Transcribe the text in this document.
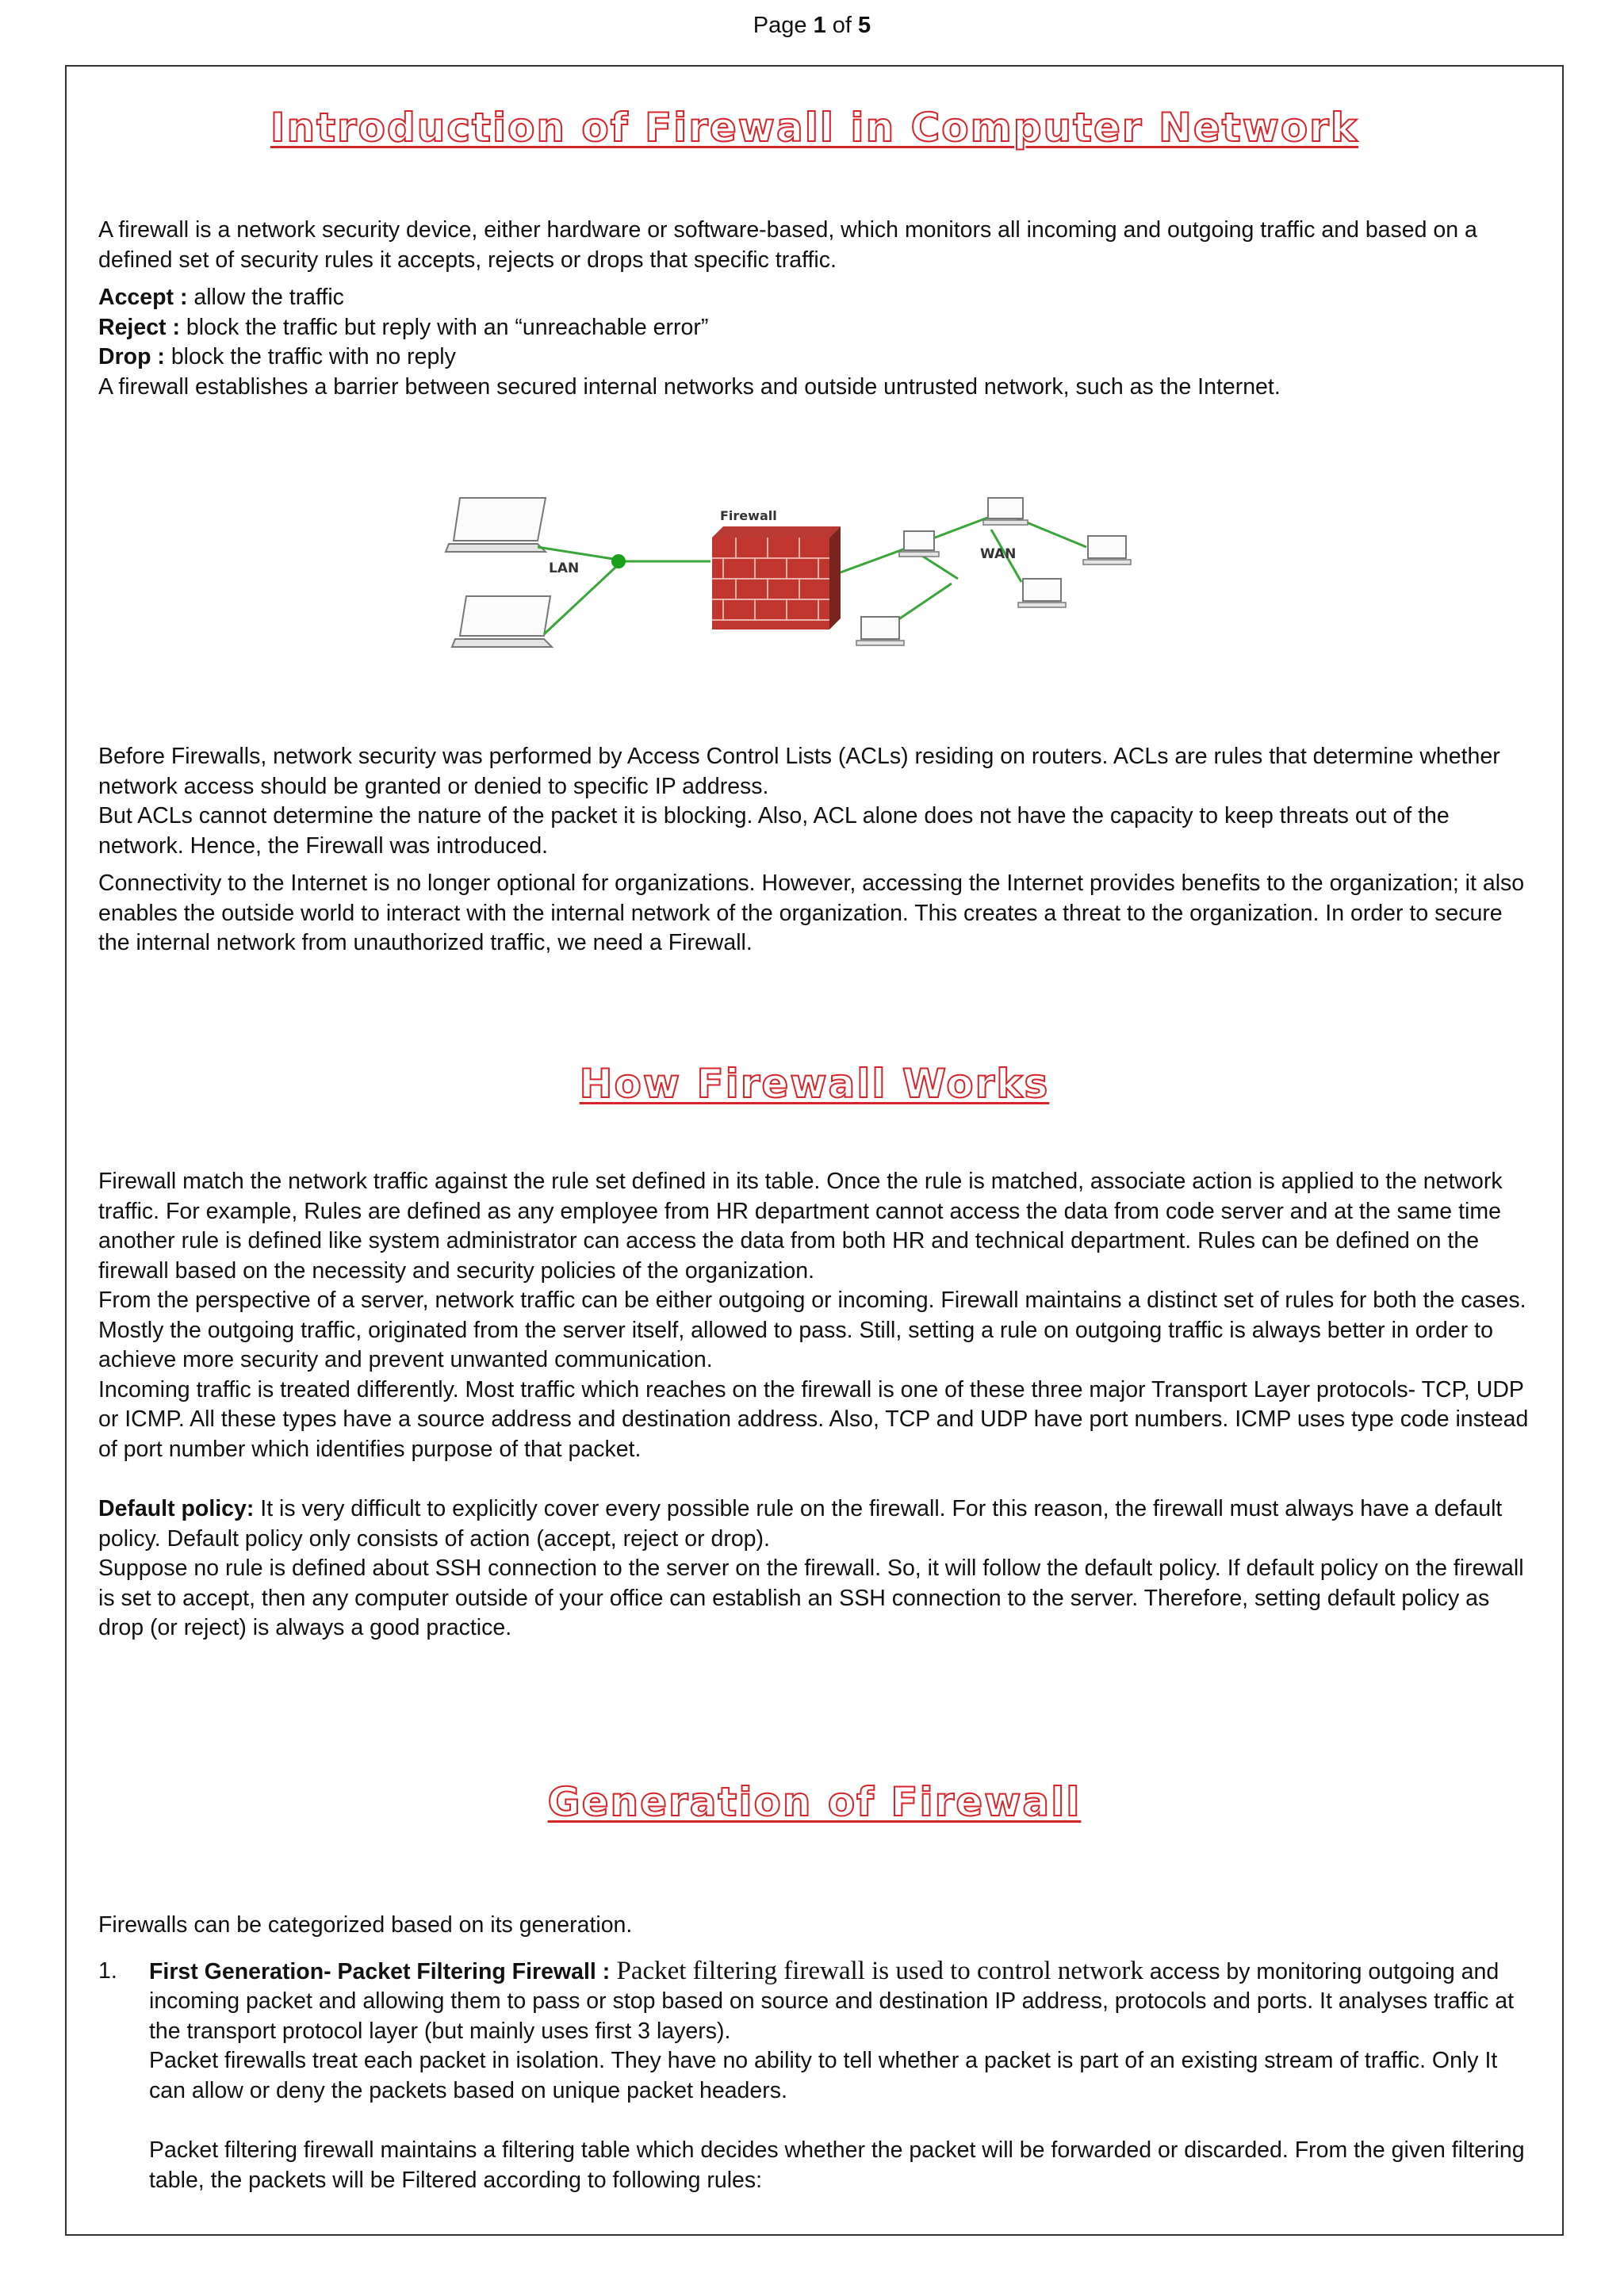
Page 1 of 5
Introduction of Firewall in Computer Network

A firewall is a network security device, either hardware or software-based, which monitors all incoming and outgoing traffic and based on a defined set of security rules it accepts, rejects or drops that specific traffic.

Accept : allow the traffic

Reject : block the traffic but reply with an “unreachable error”

Drop : block the traffic with no reply

A firewall establishes a barrier between secured internal networks and outside untrusted network, such as the Internet.

LAN
Firewall
WAN

Before Firewalls, network security was performed by Access Control Lists (ACLs) residing on routers. ACLs are rules that determine whether network access should be granted or denied to specific IP address.

But ACLs cannot determine the nature of the packet it is blocking. Also, ACL alone does not have the capacity to keep threats out of the network. Hence, the Firewall was introduced.

Connectivity to the Internet is no longer optional for organizations. However, accessing the Internet provides benefits to the organization; it also enables the outside world to interact with the internal network of the organization. This creates a threat to the organization. In order to secure the internal network from unauthorized traffic, we need a Firewall.

How Firewall Works

Firewall match the network traffic against the rule set defined in its table. Once the rule is matched, associate action is applied to the network traffic. For example, Rules are defined as any employee from HR department cannot access the data from code server and at the same time another rule is defined like system administrator can access the data from both HR and technical department. Rules can be defined on the firewall based on the necessity and security policies of the organization.

From the perspective of a server, network traffic can be either outgoing or incoming. Firewall maintains a distinct set of rules for both the cases. Mostly the outgoing traffic, originated from the server itself, allowed to pass. Still, setting a rule on outgoing traffic is always better in order to achieve more security and prevent unwanted communication.

Incoming traffic is treated differently. Most traffic which reaches on the firewall is one of these three major Transport Layer protocols- TCP, UDP or ICMP. All these types have a source address and destination address. Also, TCP and UDP have port numbers. ICMP uses type code instead of port number which identifies purpose of that packet.

Default policy: It is very difficult to explicitly cover every possible rule on the firewall. For this reason, the firewall must always have a default policy. Default policy only consists of action (accept, reject or drop).

Suppose no rule is defined about SSH connection to the server on the firewall. So, it will follow the default policy. If default policy on the firewall is set to accept, then any computer outside of your office can establish an SSH connection to the server. Therefore, setting default policy as drop (or reject) is always a good practice.

Generation of Firewall

Firewalls can be categorized based on its generation.

1. First Generation- Packet Filtering Firewall : Packet filtering firewall is used to control network access by monitoring outgoing and incoming packet and allowing them to pass or stop based on source and destination IP address, protocols and ports. It analyses traffic at the transport protocol layer (but mainly uses first 3 layers).

Packet firewalls treat each packet in isolation. They have no ability to tell whether a packet is part of an existing stream of traffic. Only It can allow or deny the packets based on unique packet headers.

Packet filtering firewall maintains a filtering table which decides whether the packet will be forwarded or discarded. From the given filtering table, the packets will be Filtered according to following rules:
